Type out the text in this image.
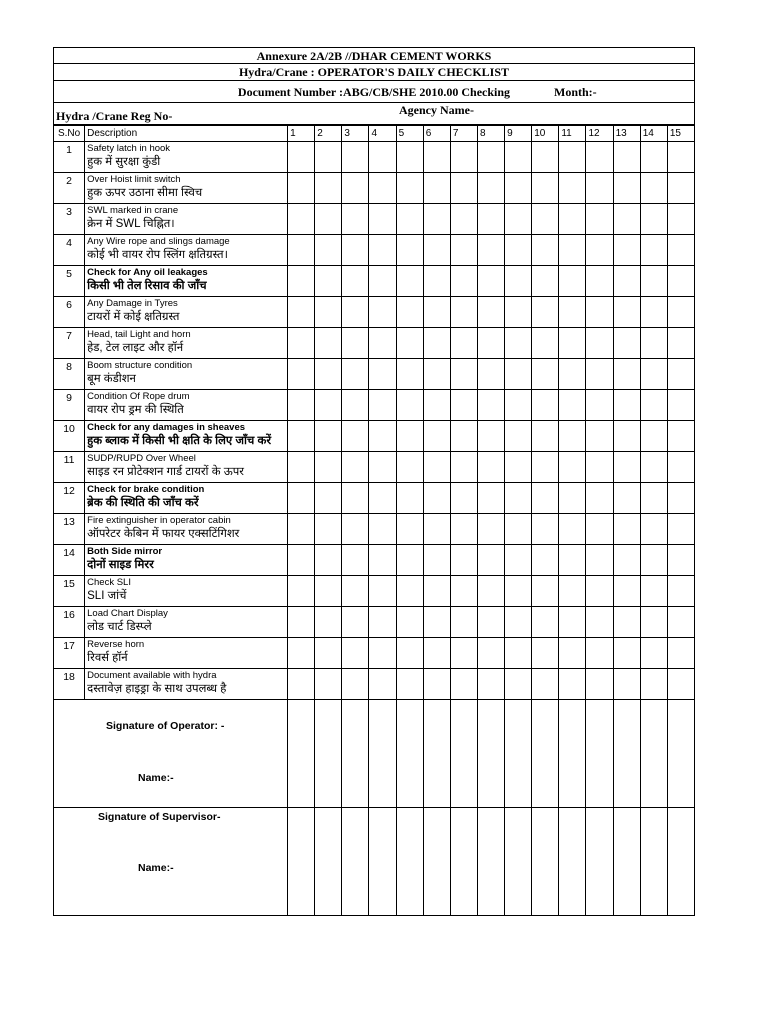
Annexure 2A/2B //DHAR CEMENT WORKS
Hydra/Crane : OPERATOR'S DAILY CHECKLIST
Document Number :ABG/CB/SHE 2010.00 Checking	Month:-
Hydra /Crane Reg No-	Agency Name-
S.No	Description	1	2	3	4	5	6	7	8	9	10	11	12	13	14	15
1	Safety latch in hook
हुक में सुरक्षा कुंडी															

2	Over Hoist limit switch
हुक ऊपर उठाना सीमा स्विच															

3	SWL marked in crane
क्रेन में SWL चिह्नित।															

4	Any Wire rope and slings damage
कोई भी वायर रोप स्लिंग क्षतिग्रस्त।															

5	Check for Any oil leakages
किसी भी तेल रिसाव की जाँच															

6	Any Damage in Tyres
टायरों में कोई क्षतिग्रस्त															

7	Head, tail Light and horn
हेड, टेल लाइट और हॉर्न															

8	Boom structure condition
बूम कंडीशन															

9	Condition Of Rope drum
वायर रोप ड्रम की स्थिति															

10	Check for any damages in sheaves
हुक ब्लाक में किसी भी क्षति के लिए जाँच करें															

11	SUDP/RUPD Over Wheel
साइड रन प्रोटेक्शन गार्ड टायरों के ऊपर															

12	Check for brake condition
ब्रेक की स्थिति की जाँच करें															

13	Fire extinguisher in operator cabin
ऑपरेटर केबिन में फायर एक्सटिंगिशर															

14	Both Side mirror
दोनों साइड मिरर															

15	Check SLI
SLI जांचें															

16	Load Chart Display
लोड चार्ट डिस्प्ले															

17	Reverse horn
रिवर्स हॉर्न															

18	Document available with hydra
दस्तावेज़ हाइड्रा के साथ उपलब्ध है															

Signature of Operator: -
Name:-																

Signature of Supervisor-
Name:-																
